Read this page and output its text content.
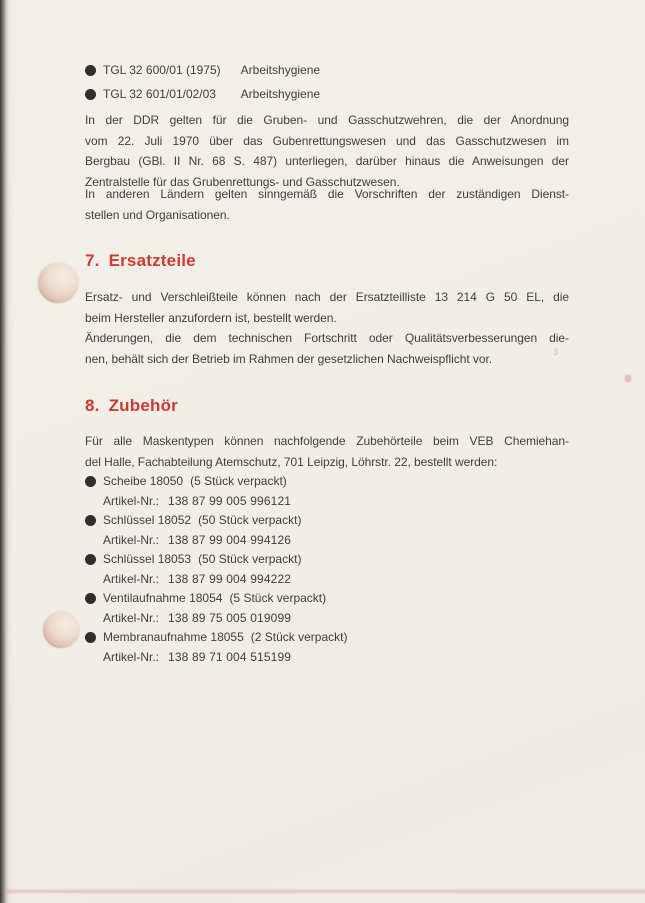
3
TGL 32 600/01 (1975) Arbeitshygiene
TGL 32 601/01/02/03 Arbeitshygiene
In der DDR gelten für die Gruben- und Gasschutzwehren, die der Anordnung
vom 22. Juli 1970 über das Gubenrettungswesen und das Gasschutzwesen im
Bergbau (GBl. II Nr. 68 S. 487) unterliegen, darüber hinaus die Anweisungen der
Zentralstelle für das Grubenrettungs- und Gasschutzwesen.
In anderen Ländern gelten sinngemäß die Vorschriften der zuständigen Dienst-
stellen und Organisationen.
7. Ersatzteile
Ersatz- und Verschleißteile können nach der Ersatzteilliste 13 214 G 50 EL, die
beim Hersteller anzufordern ist, bestellt werden.
Änderungen, die dem technischen Fortschritt oder Qualitätsverbesserungen die-
nen, behält sich der Betrieb im Rahmen der gesetzlichen Nachweispflicht vor.
8. Zubehör
Für alle Maskentypen können nachfolgende Zubehörteile beim VEB Chemiehan-
del Halle, Fachabteilung Atemschutz, 701 Leipzig, Löhrstr. 22, bestellt werden:
Scheibe 18050 (5 Stück verpackt)
Artikel-Nr.: 138 87 99 005 996121
Schlüssel 18052 (50 Stück verpackt)
Artikel-Nr.: 138 87 99 004 994126
Schlüssel 18053 (50 Stück verpackt)
Artikel-Nr.: 138 87 99 004 994222
Ventilaufnahme 18054 (5 Stück verpackt)
Artikel-Nr.: 138 89 75 005 019099
Membranaufnahme 18055 (2 Stück verpackt)
Artikel-Nr.: 138 89 71 004 515199
